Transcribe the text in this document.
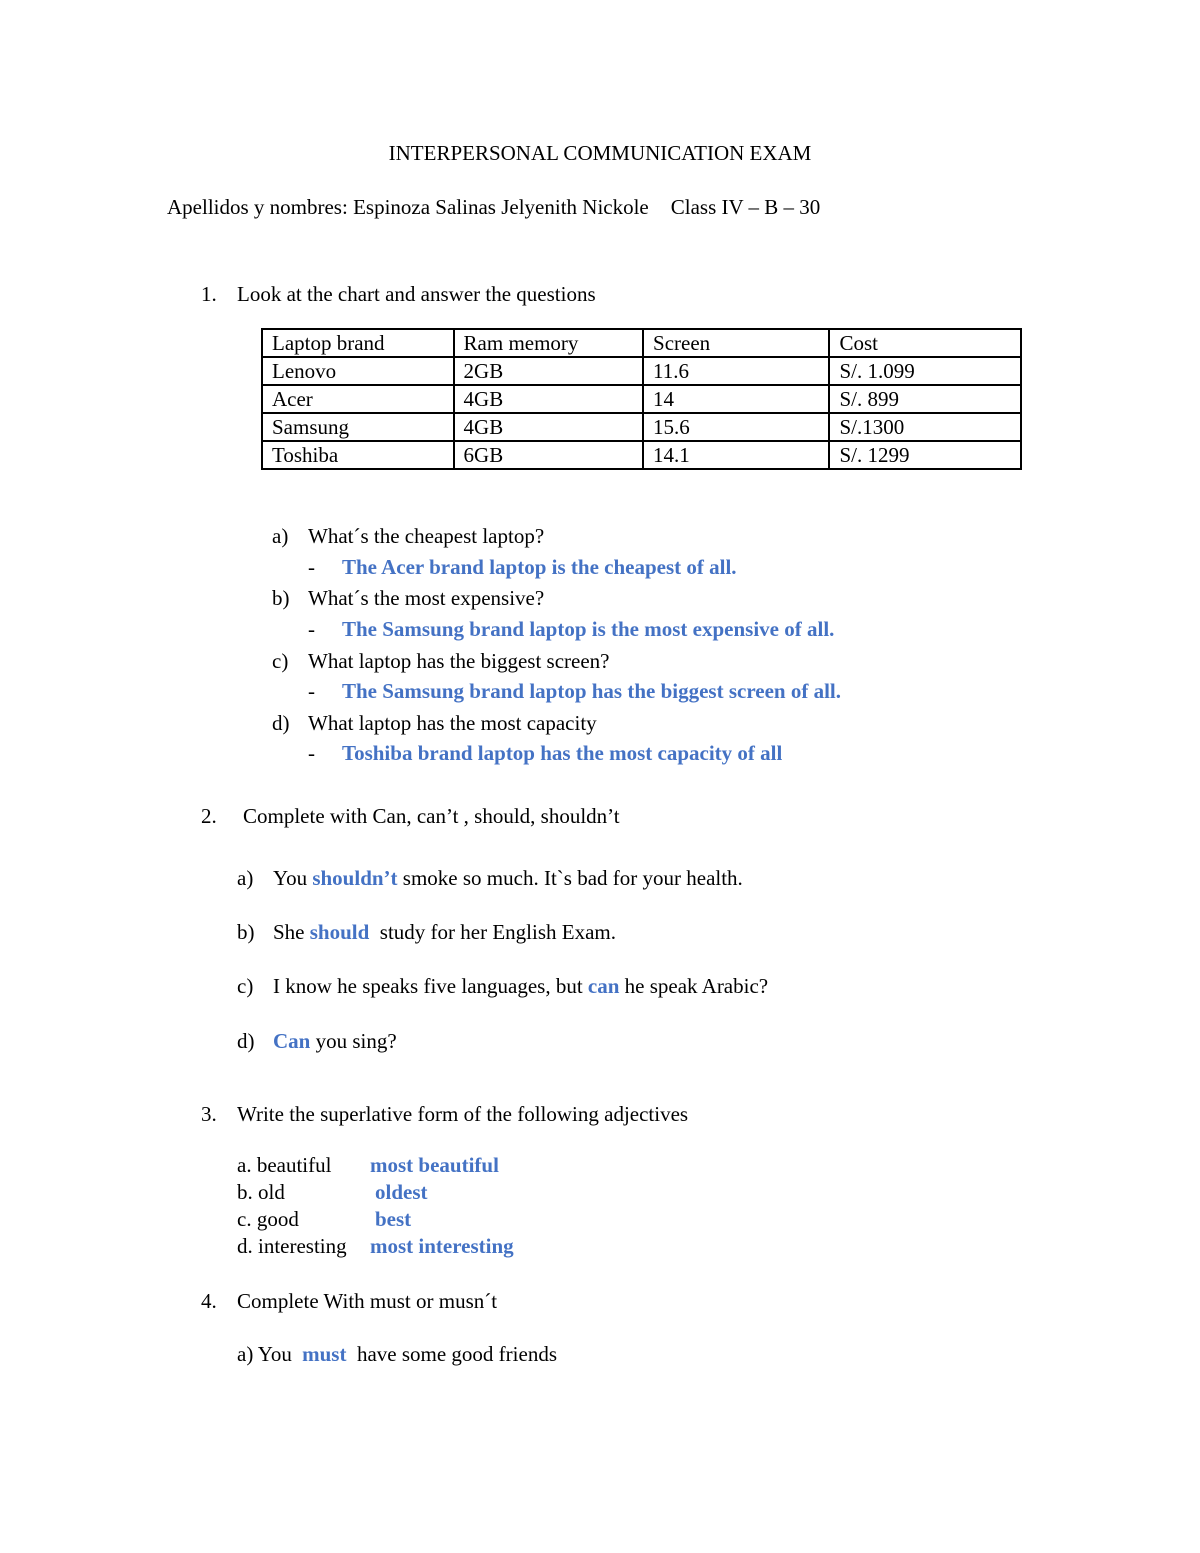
INTERPERSONAL COMMUNICATION EXAM
Apellidos y nombres: Espinoza Salinas Jelyenith Nickole Class IV – B – 30
1. Look at the chart and answer the questions
Laptop brand	Ram memory	Screen	Cost
Lenovo	2GB	11.6	S/. 1.099
Acer	4GB	14	S/. 899
Samsung	4GB	15.6	S/.1300
Toshiba	6GB	14.1	S/. 1299
a) What´s the cheapest laptop?
- The Acer brand laptop is the cheapest of all.
b) What´s the most expensive?
- The Samsung brand laptop is the most expensive of all.
c) What laptop has the biggest screen?
- The Samsung brand laptop has the biggest screen of all.
d) What laptop has the most capacity
- Toshiba brand laptop has the most capacity of all
2. Complete with Can, can’t , should, shouldn’t
a) You shouldn’t smoke so much. It`s bad for your health.
b) She should  study for her English Exam.
c) I know he speaks five languages, but can he speak Arabic?
d) Can you sing?
3. Write the superlative form of the following adjectives
a. beautiful most beautiful
b. old	oldest
c. good	best
d. interesting most interesting
4. Complete With must or musn´t
a) You must  have some good friends
